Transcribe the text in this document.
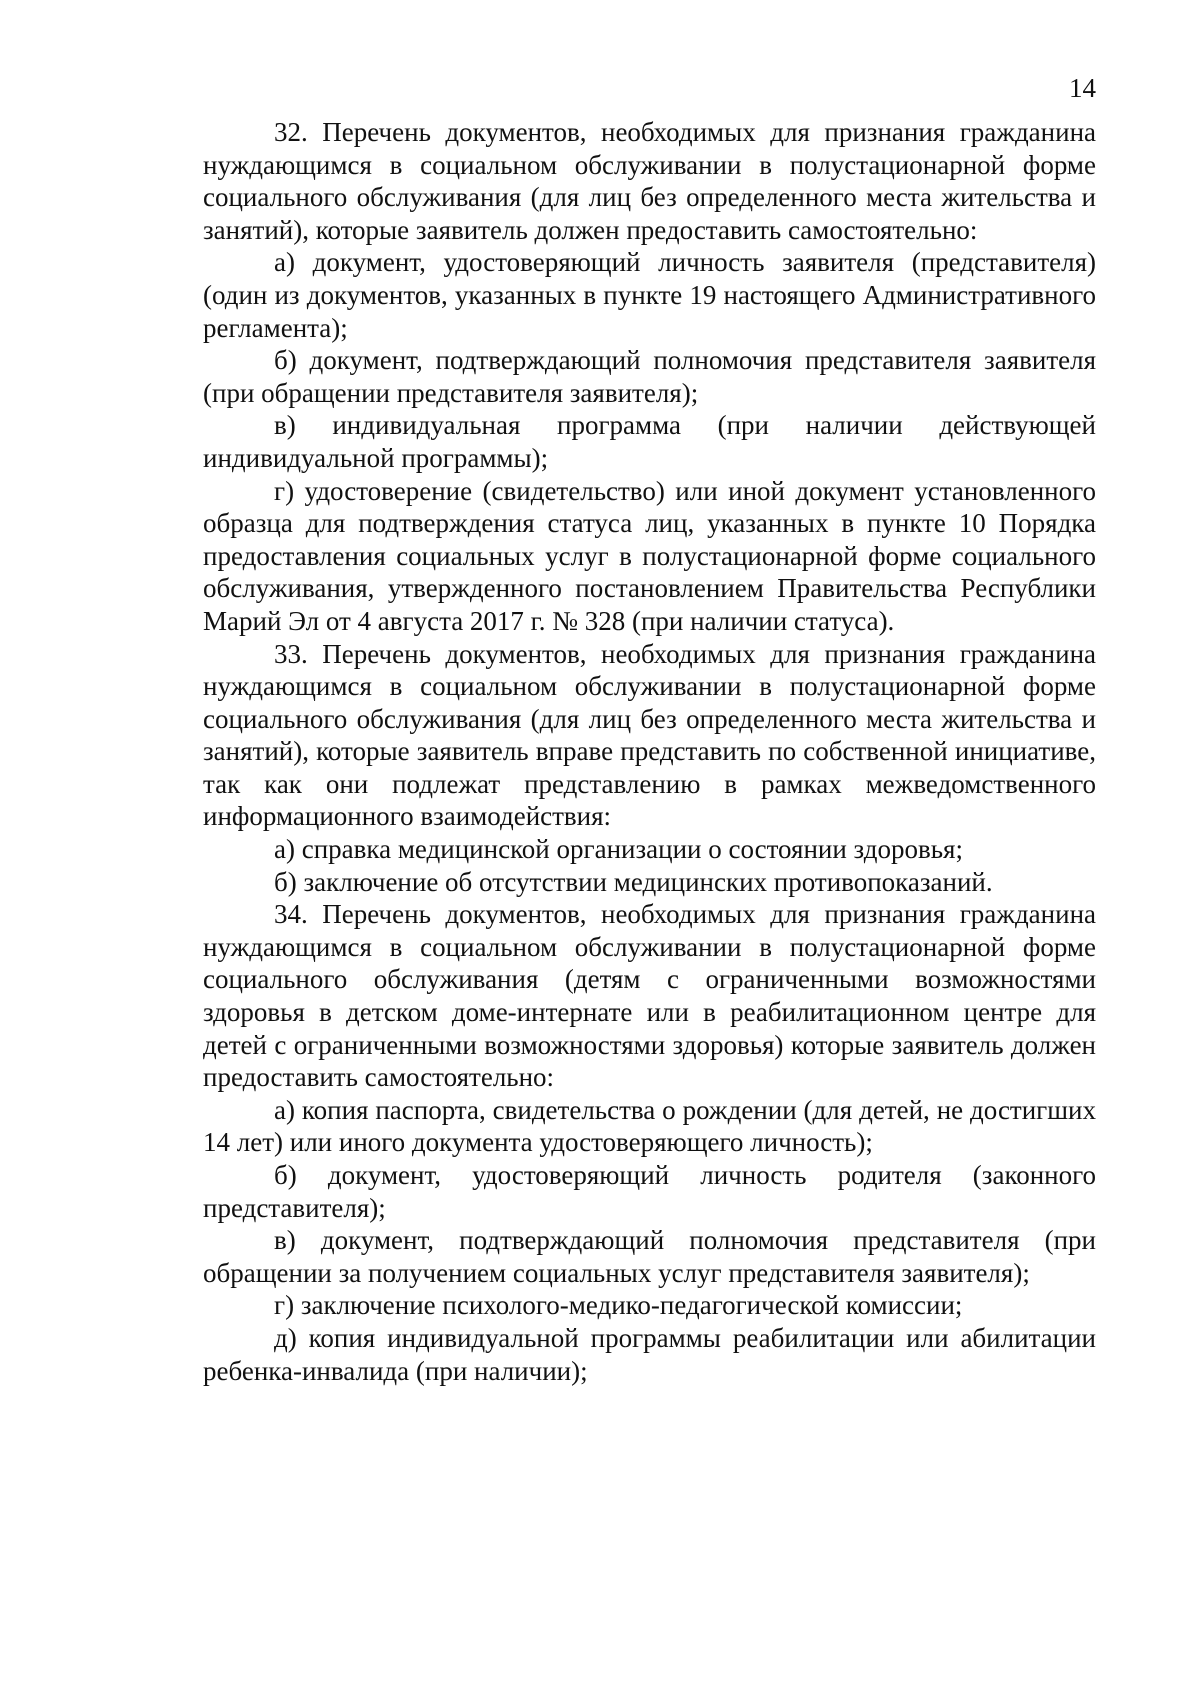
14

32. Перечень документов, необходимых для признания гражданина нуждающимся в социальном обслуживании в полустационарной форме социального обслуживания (для лиц без определенного места жительства и занятий), которые заявитель должен предоставить самостоятельно:

а) документ, удостоверяющий личность заявителя (представителя) (один из документов, указанных в пункте 19 настоящего Административного регламента);

б) документ, подтверждающий полномочия представителя заявителя (при обращении представителя заявителя);

в) индивидуальная программа (при наличии действующей индивидуальной программы);

г) удостоверение (свидетельство) или иной документ установленного образца для подтверждения статуса лиц, указанных в пункте 10 Порядка предоставления социальных услуг в полустационарной форме социального обслуживания, утвержденного постановлением Правительства Республики Марий Эл от 4 августа 2017 г. № 328 (при наличии статуса).

33. Перечень документов, необходимых для признания гражданина нуждающимся в социальном обслуживании в полустационарной форме социального обслуживания (для лиц без определенного места жительства и занятий), которые заявитель вправе представить по собственной инициативе, так как они подлежат представлению в рамках межведомственного информационного взаимодействия:

а) справка медицинской организации о состоянии здоровья;

б) заключение об отсутствии медицинских противопоказаний.

34. Перечень документов, необходимых для признания гражданина нуждающимся в социальном обслуживании в полустационарной форме социального обслуживания (детям с ограниченными возможностями здоровья в детском доме-интернате или в реабилитационном центре для детей с ограниченными возможностями здоровья) которые заявитель должен предоставить самостоятельно:

а) копия паспорта, свидетельства о рождении (для детей, не достигших 14 лет) или иного документа удостоверяющего личность);

б) документ, удостоверяющий личность родителя (законного представителя);

в) документ, подтверждающий полномочия представителя (при обращении за получением социальных услуг представителя заявителя);

г) заключение психолого-медико-педагогической комиссии;

д) копия индивидуальной программы реабилитации или абилитации ребенка-инвалида (при наличии);
